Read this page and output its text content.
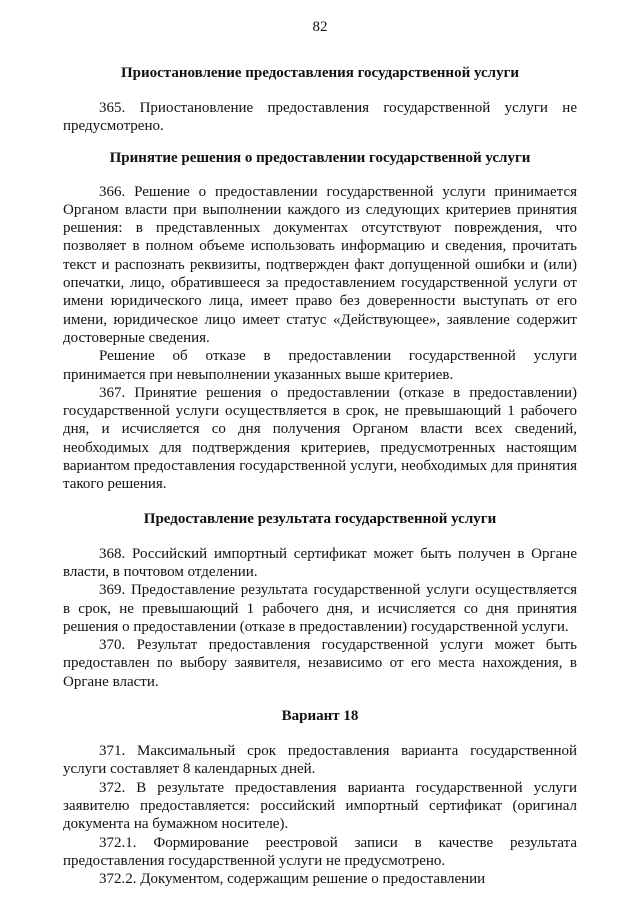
82
Приостановление предоставления государственной услуги

365. Приостановление предоставления государственной услуги не предусмотрено.

Принятие решения о предоставлении государственной услуги

366. Решение о предоставлении государственной услуги принимается Органом власти при выполнении каждого из следующих критериев принятия решения: в представленных документах отсутствуют повреждения, что позволяет в полном объеме использовать информацию и сведения, прочитать текст и распознать реквизиты, подтвержден факт допущенной ошибки и (или) опечатки, лицо, обратившееся за предоставлением государственной услуги от имени юридического лица, имеет право без доверенности выступать от его имени, юридическое лицо имеет статус «Действующее», заявление содержит достоверные сведения.

Решение об отказе в предоставлении государственной услуги принимается при невыполнении указанных выше критериев.

367. Принятие решения о предоставлении (отказе в предоставлении) государственной услуги осуществляется в срок, не превышающий 1 рабочего дня, и исчисляется со дня получения Органом власти всех сведений, необходимых для подтверждения критериев, предусмотренных настоящим вариантом предоставления государственной услуги, необходимых для принятия такого решения.

Предоставление результата государственной услуги

368. Российский импортный сертификат может быть получен в Органе власти, в почтовом отделении.

369. Предоставление результата государственной услуги осуществляется в срок, не превышающий 1 рабочего дня, и исчисляется со дня принятия решения о предоставлении (отказе в предоставлении) государственной услуги.

370. Результат предоставления государственной услуги может быть предоставлен по выбору заявителя, независимо от его места нахождения, в Органе власти.

Вариант 18

371. Максимальный срок предоставления варианта государственной услуги составляет 8 календарных дней.

372. В результате предоставления варианта государственной услуги заявителю предоставляется: российский импортный сертификат (оригинал документа на бумажном носителе).

372.1. Формирование реестровой записи в качестве результата предоставления государственной услуги не предусмотрено.

372.2. Документом, содержащим решение о предоставлении
